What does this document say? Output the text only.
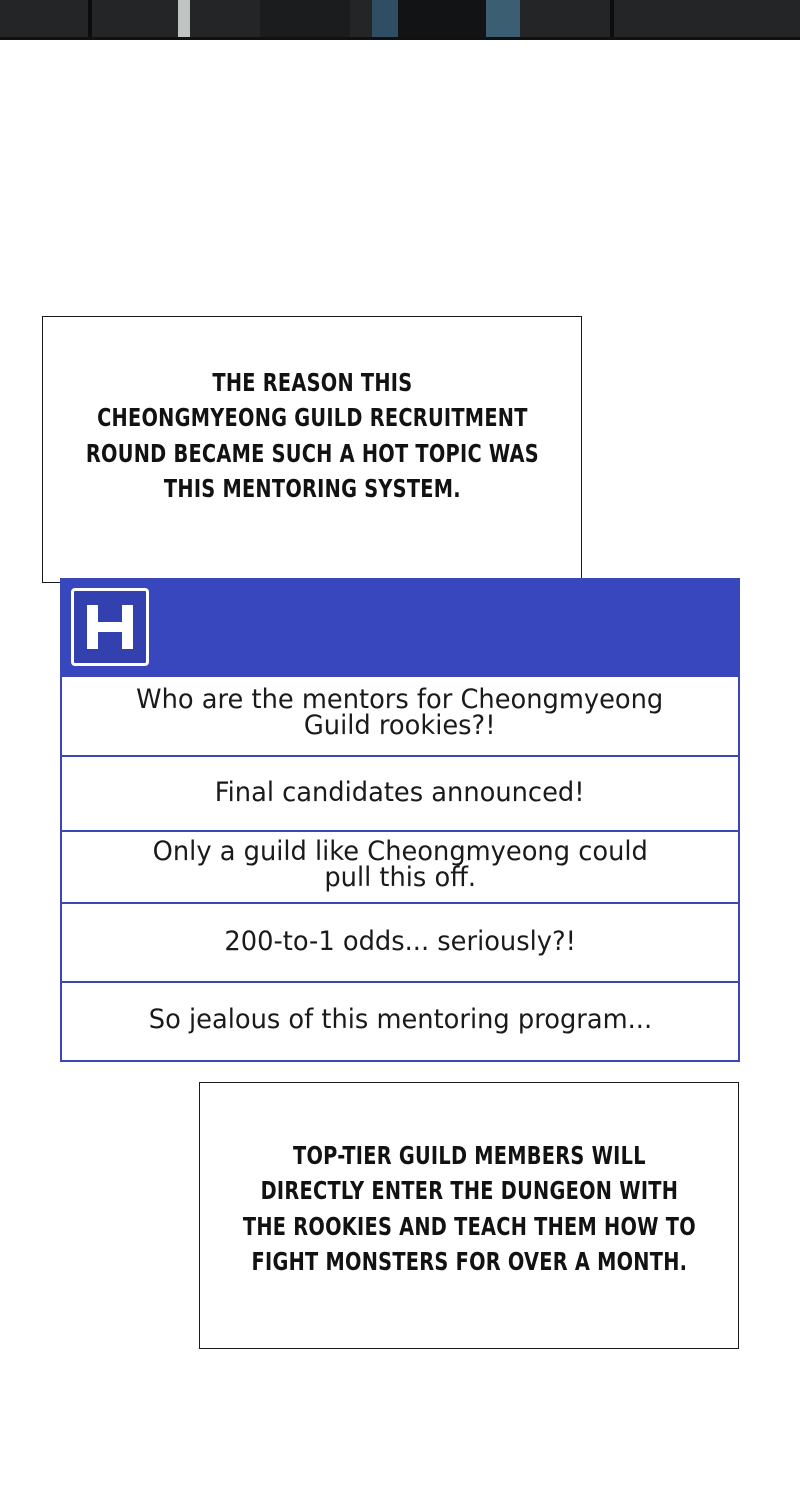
THE REASON THIS
CHEONGMYEONG GUILD RECRUITMENT
ROUND BECAME SUCH A HOT TOPIC WAS
THIS MENTORING SYSTEM.

Who are the mentors for Cheongmyeong
Guild rookies?!
Final candidates announced!
Only a guild like Cheongmyeong could
pull this off.
200-to-1 odds... seriously?!
So jealous of this mentoring program...

TOP-TIER GUILD MEMBERS WILL
DIRECTLY ENTER THE DUNGEON WITH
THE ROOKIES AND TEACH THEM HOW TO
FIGHT MONSTERS FOR OVER A MONTH.
